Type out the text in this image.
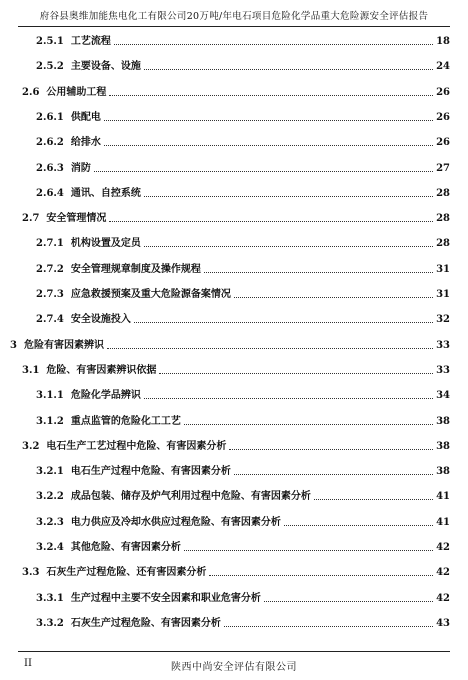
府谷县奥维加能焦电化工有限公司20万吨/年电石项目危险化学品重大危险源安全评估报告
2.5.1 工艺流程	18
2.5.2 主要设备、设施	24
2.6 公用辅助工程	26
2.6.1 供配电	26
2.6.2 给排水	26
2.6.3 消防	27
2.6.4 通讯、自控系统	28
2.7 安全管理情况	28
2.7.1 机构设置及定员	28
2.7.2 安全管理规章制度及操作规程	31
2.7.3 应急救援预案及重大危险源备案情况	31
2.7.4 安全设施投入	32
3 危险有害因素辨识	33
3.1 危险、有害因素辨识依据	33
3.1.1 危险化学品辨识	34
3.1.2 重点监管的危险化工工艺	38
3.2 电石生产工艺过程中危险、有害因素分析	38
3.2.1 电石生产过程中危险、有害因素分析	38
3.2.2 成品包装、储存及炉气利用过程中危险、有害因素分析	41
3.2.3 电力供应及冷却水供应过程危险、有害因素分析	41
3.2.4 其他危险、有害因素分析	42
3.3 石灰生产过程危险、还有害因素分析	42
3.3.1 生产过程中主要不安全因素和职业危害分析	42
3.3.2 石灰生产过程危险、有害因素分析	43
II	陕西中尚安全评估有限公司
